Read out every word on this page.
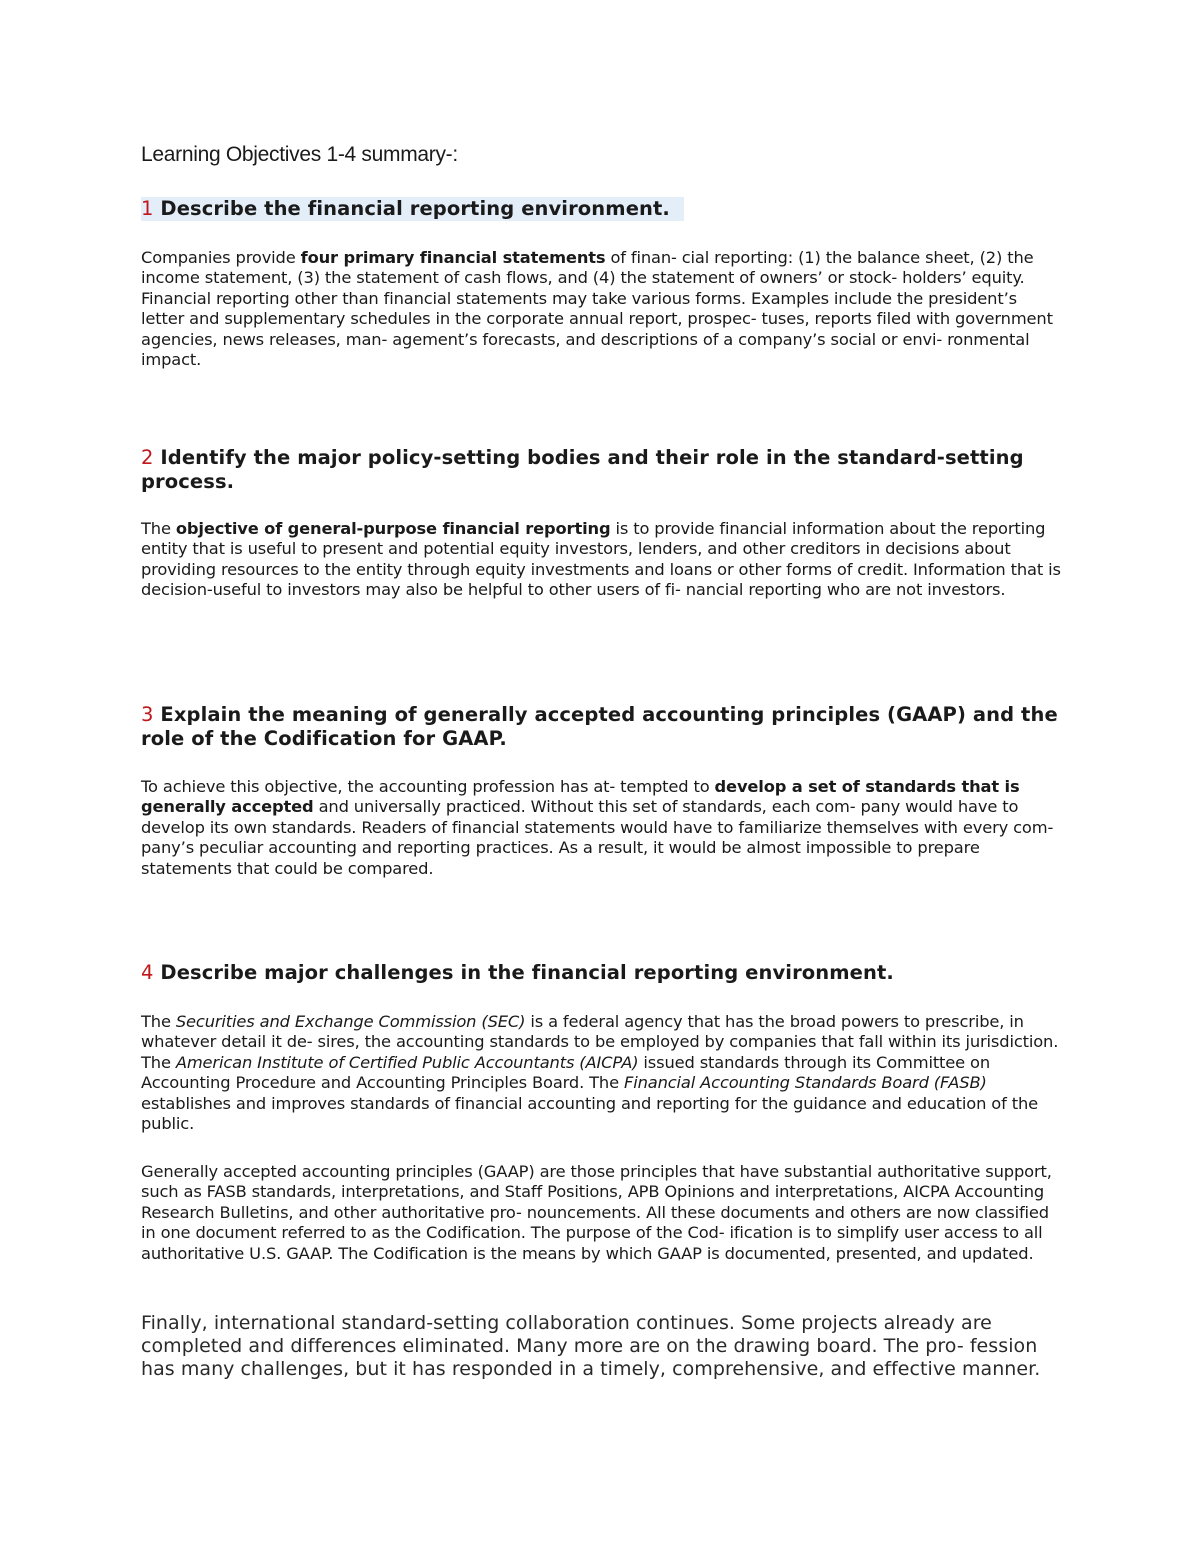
Learning Objectives 1-4 summary-:
1 Describe the financial reporting environment.
Companies provide four primary financial statements of finan- cial reporting: (1) the balance sheet, (2) the income statement, (3) the statement of cash flows, and (4) the statement of owners’ or stock- holders’ equity. Financial reporting other than financial statements may take various forms. Examples include the president’s letter and supplementary schedules in the corporate annual report, prospec- tuses, reports filed with government agencies, news releases, man- agement’s forecasts, and descriptions of a company’s social or envi- ronmental impact.
2 Identify the major policy-setting bodies and their role in the standard-setting process.
The objective of general-purpose financial reporting is to provide financial information about the reporting entity that is useful to present and potential equity investors, lenders, and other creditors in decisions about providing resources to the entity through equity investments and loans or other forms of credit. Information that is decision-useful to investors may also be helpful to other users of fi- nancial reporting who are not investors.
3 Explain the meaning of generally accepted accounting principles (GAAP) and the role of the Codification for GAAP.
To achieve this objective, the accounting profession has at- tempted to develop a set of standards that is generally accepted and universally practiced. Without this set of standards, each com- pany would have to develop its own standards. Readers of financial statements would have to familiarize themselves with every com- pany’s peculiar accounting and reporting practices. As a result, it would be almost impossible to prepare statements that could be compared.
4 Describe major challenges in the financial reporting environment.
The Securities and Exchange Commission (SEC) is a federal agency that has the broad powers to prescribe, in whatever detail it de- sires, the accounting standards to be employed by companies that fall within its jurisdiction. The American Institute of Certified Public Accountants (AICPA) issued standards through its Committee on Accounting Procedure and Accounting Principles Board. The Financial Accounting Standards Board (FASB) establishes and improves standards of financial accounting and reporting for the guidance and education of the public.
Generally accepted accounting principles (GAAP) are those principles that have substantial authoritative support, such as FASB standards, interpretations, and Staff Positions, APB Opinions and interpretations, AICPA Accounting Research Bulletins, and other authoritative pro- nouncements. All these documents and others are now classified in one document referred to as the Codification. The purpose of the Cod- ification is to simplify user access to all authoritative U.S. GAAP. The Codification is the means by which GAAP is documented, presented, and updated.
Finally, international standard-setting collaboration continues. Some projects already are completed and differences eliminated. Many more are on the drawing board. The pro- fession has many challenges, but it has responded in a timely, comprehensive, and effective manner.
